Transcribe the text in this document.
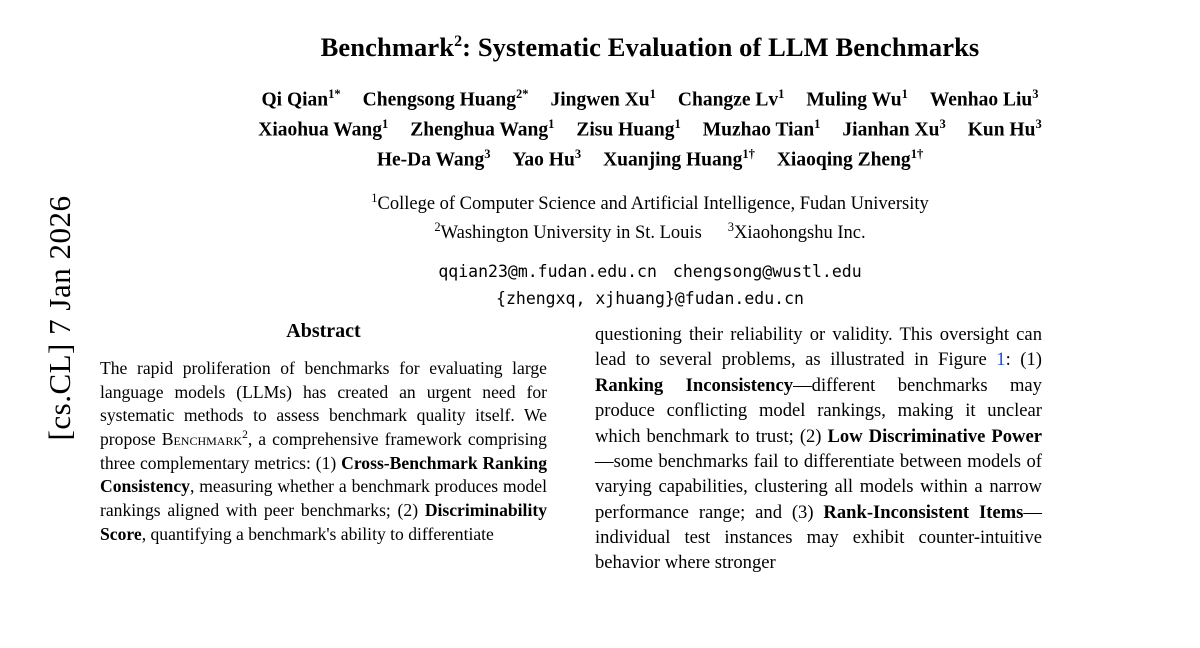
[cs.CL] 7 Jan 2026
Benchmark$^2$: Systematic Evaluation of LLM Benchmarks
Qi Qian$^{1*}$ Chengsong Huang$^{2*}$ Jingwen Xu$^1$ Changze Lv$^1$ Muling Wu$^1$ Wenhao Liu$^3$
Xiaohua Wang$^1$ Zhenghua Wang$^1$ Zisu Huang$^1$ Muzhao Tian$^1$ Jianhan Xu$^3$ Kun Hu$^3$
He-Da Wang$^3$ Yao Hu$^3$ Xuanjing Huang$^{1\dagger}$ Xiaoqing Zheng$^{1\dagger}$
$^1$College of Computer Science and Artificial Intelligence, Fudan University
$^2$Washington University in St. Louis $^3$Xiaohongshu Inc.
qqian23@m.fudan.edu.cn chengsong@wustl.edu
{zhengxq, xjhuang}@fudan.edu.cn
Abstract
The rapid proliferation of benchmarks for evaluating large language models (LLMs) has created an urgent need for systematic methods to assess benchmark quality itself. We propose Benchmark$^2$, a comprehensive framework comprising three complementary metrics: (1) Cross-Benchmark Ranking Consistency, measuring whether a benchmark produces model rankings aligned with peer benchmarks; (2) Discriminability Score, quantifying a benchmark's ability to differentiate
questioning their reliability or validity. This oversight can lead to several problems, as illustrated in Figure 1: (1) Ranking Inconsistency—different benchmarks may produce conflicting model rankings, making it unclear which benchmark to trust; (2) Low Discriminative Power—some benchmarks fail to differentiate between models of varying capabilities, clustering all models within a narrow performance range; and (3) Rank-Inconsistent Items—individual test instances may exhibit counter-intuitive behavior where stronger
